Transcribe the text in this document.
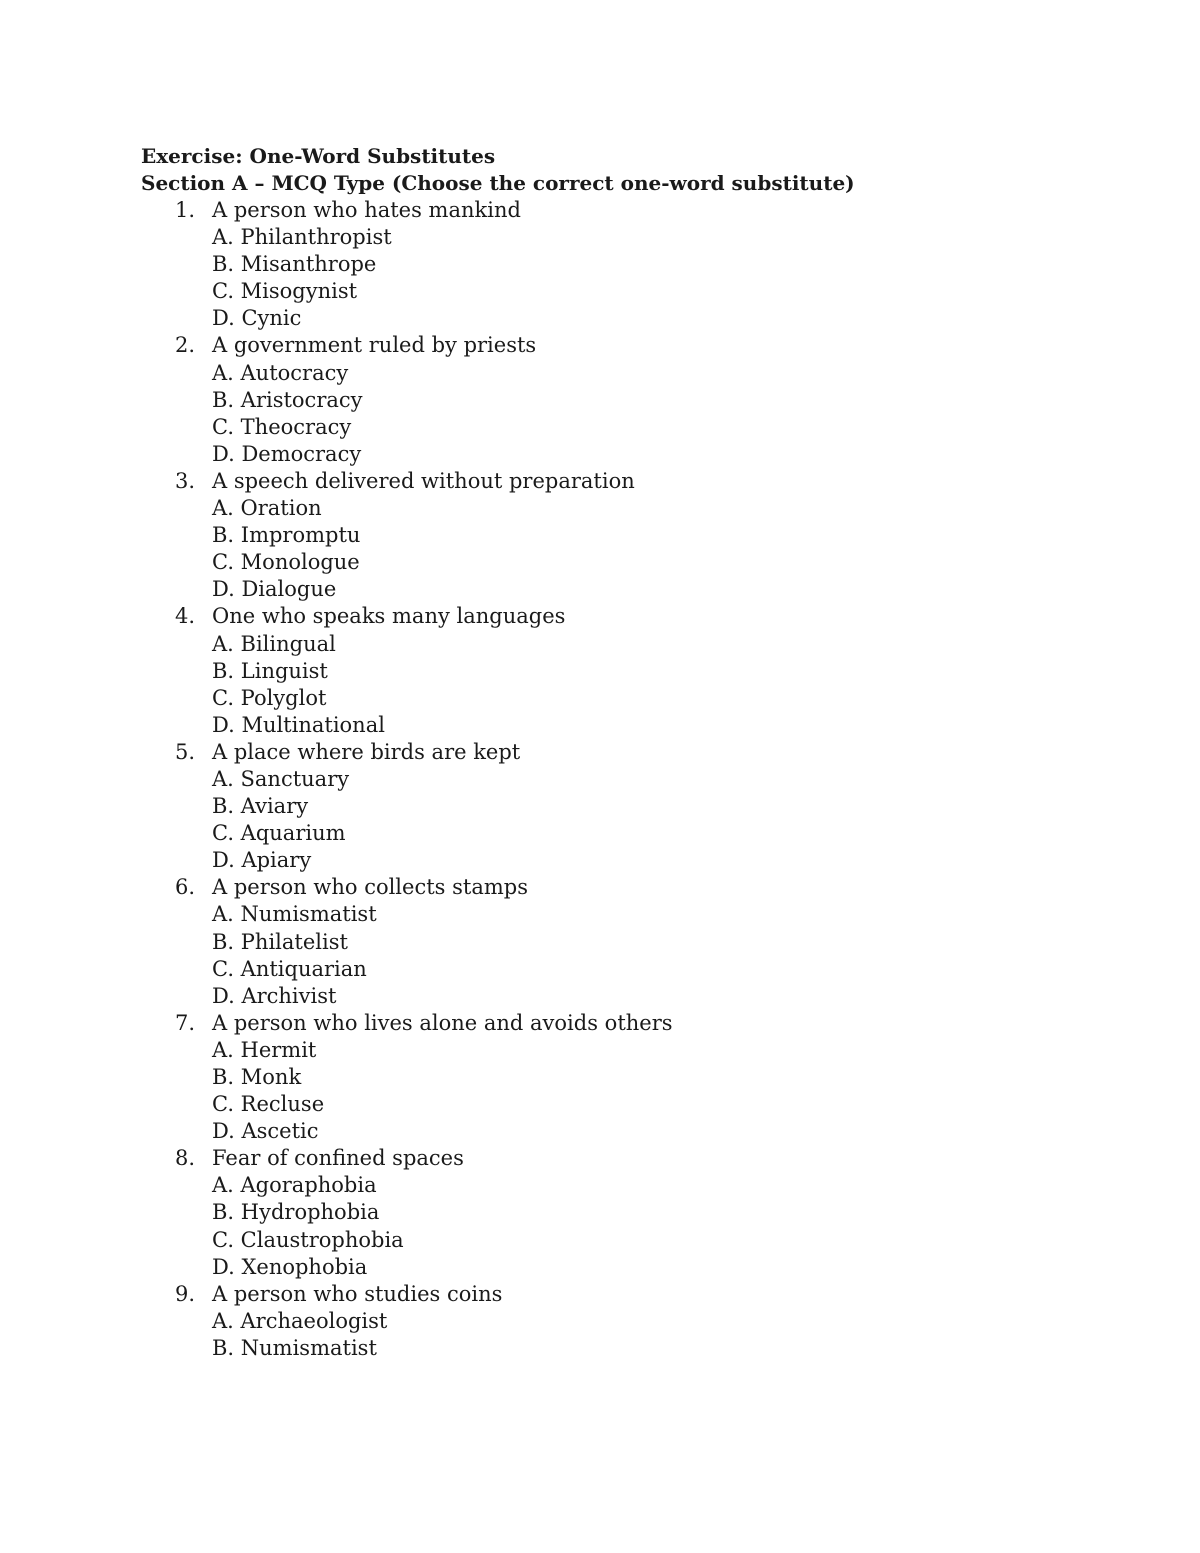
Exercise: One-Word Substitutes
Section A – MCQ Type (Choose the correct one-word substitute)
1. A person who hates mankind
A. Philanthropist
B. Misanthrope
C. Misogynist
D. Cynic
2. A government ruled by priests
A. Autocracy
B. Aristocracy
C. Theocracy
D. Democracy
3. A speech delivered without preparation
A. Oration
B. Impromptu
C. Monologue
D. Dialogue
4. One who speaks many languages
A. Bilingual
B. Linguist
C. Polyglot
D. Multinational
5. A place where birds are kept
A. Sanctuary
B. Aviary
C. Aquarium
D. Apiary
6. A person who collects stamps
A. Numismatist
B. Philatelist
C. Antiquarian
D. Archivist
7. A person who lives alone and avoids others
A. Hermit
B. Monk
C. Recluse
D. Ascetic
8. Fear of confined spaces
A. Agoraphobia
B. Hydrophobia
C. Claustrophobia
D. Xenophobia
9. A person who studies coins
A. Archaeologist
B. Numismatist
